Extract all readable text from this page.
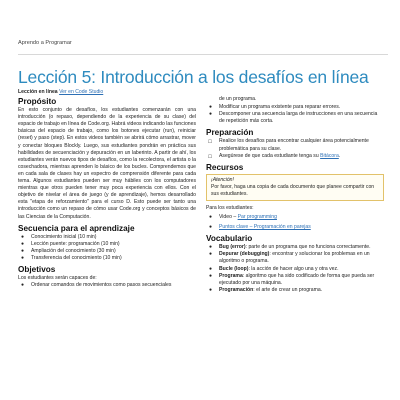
Aprendo a Programar
Lección 5: Introducción a los desafíos en línea
Lección en línea Ver en Code Studio
Propósito

En esto conjunto de desafíos, los estudiantes comenzarán con una introducción (o repaso, dependiendo de la experiencia de su clase) del espacio de trabajo en línea de Code.org. Habrá videos indicando las funciones básicas del espacio de trabajo, como los botones ejecutar (run), reiniciar (reset) y paso (step). En estos videos también se abrirá cómo arrastrar, mover y conectar bloques Blockly. Luego, sus estudiantes pondrán en práctica sus habilidades de secuenciación y depuración en un laberinto. A partir de ahí, los estudiantes verán nuevos tipos de desafíos, como la recolectora, el artista o la cosechadora, mientras aprenden lo básico de los bucles. Comprendemos que en cada sala de clases hay un espectro de comprensión diferente para cada tema. Algunos estudiantes pueden ser muy hábiles con los computadores mientras que otros pueden tener muy poca experiencia con ellos. Con el objetivo de nivelar el área de juego (y de aprendizaje), hemos desarrollado esta "etapa de reforzamiento" para el curso D. Esto puede ser tanto una introducción como un repaso de cómo usar Code.org y conceptos básicos de las Ciencias de la Computación.

Secuencia para el aprendizaje
● Conocimiento inicial (10 min)
● Lección puente: programación (10 min)
● Ampliación del conocimiento (30 min)
● Transferencia del conocimiento (10 min)
Objetivos
Los estudiantes serán capaces de:
● Ordenar comandos de movimientos como pasos secuenciales
de un programa.
● Modificar un programa existente para reparar errores.
● Descomponer una secuencia larga de instrucciones en una secuencia de repetición más corta.
Preparación
☐ Realice los desafíos para encontrar cualquier área potencialmente problemática para su clase.
☐ Asegúrese de que cada estudiante tenga su Bitácora.
Recursos
¡Atención!
Por favor, haga una copia de cada documento que planee compartir con sus estudiantes.
Para los estudiantes:
● Video – Par programming
● Puntos clave – Programación en parejas
Vocabulario
● Bug (error): parte de un programa que no funciona correctamente.
● Depurar (debugging): encontrar y solucionar los problemas en un algoritmo o programa.
● Bucle (loop): la acción de hacer algo una y otra vez.
● Programa: algoritmo que ha sido codificado de forma que pueda ser ejecutado por una máquina.
● Programación: el arte de crear un programa.
